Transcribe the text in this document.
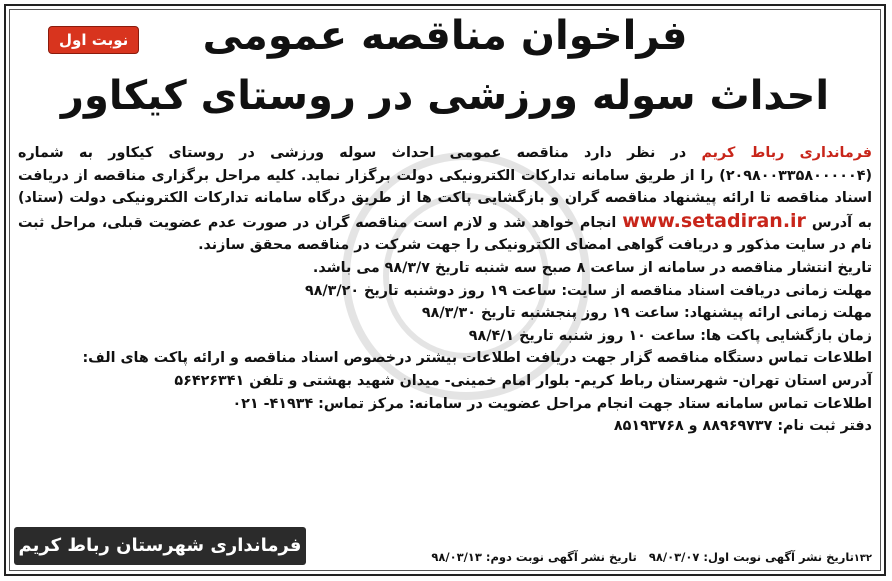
نوبت اول	فراخوان مناقصه عمومی
احداث سوله ورزشی در روستای کیکاور

فرمانداری رباط کریم در نظر دارد مناقصه عمومی احداث سوله ورزشی در روستای کیکاور به شماره (۲۰۹۸۰۰۳۳۵۸۰۰۰۰۰۴) را از طریق سامانه تدارکات الکترونیکی دولت برگزار نماید. کلیه مراحل برگزاری مناقصه از دریافت اسناد مناقصه تا ارائه پیشنهاد مناقصه گران و بازگشایی پاکت ها از طریق درگاه سامانه تدارکات الکترونیکی دولت (ستاد) به آدرس www.setadiran.ir انجام خواهد شد و لازم است مناقصه گران در صورت عدم عضویت قبلی، مراحل ثبت نام در سایت مذکور و دریافت گواهی امضای الکترونیکی را جهت شرکت در مناقصه محقق سازند.

تاریخ انتشار مناقصه در سامانه از ساعت ۸ صبح سه شنبه تاریخ ۹۸/۳/۷ می باشد.

مهلت زمانی دریافت اسناد مناقصه از سایت: ساعت ۱۹ روز دوشنبه تاریخ ۹۸/۳/۲۰

مهلت زمانی ارائه پیشنهاد: ساعت ۱۹ روز پنجشنبه تاریخ ۹۸/۳/۳۰

زمان بازگشایی پاکت ها: ساعت ۱۰ روز شنبه تاریخ ۹۸/۴/۱

اطلاعات تماس دستگاه مناقصه گزار جهت دریافت اطلاعات بیشتر درخصوص اسناد مناقصه و ارائه پاکت های الف:

آدرس استان تهران- شهرستان رباط کریم- بلوار امام خمینی- میدان شهید بهشتی و تلفن ۵۶۴۲۶۳۴۱

اطلاعات تماس سامانه ستاد جهت انجام مراحل عضویت در سامانه: مرکز تماس: ۴۱۹۳۴- ۰۲۱

دفتر ثبت نام: ۸۸۹۶۹۷۳۷ و ۸۵۱۹۳۷۶۸

فرمانداری شهرستان رباط کریم
تاریخ نشر آگهی نوبت اول: ۹۸/۰۳/۰۷   تاریخ نشر آگهی نوبت دوم: ۹۸/۰۳/۱۳	۱۳۲
